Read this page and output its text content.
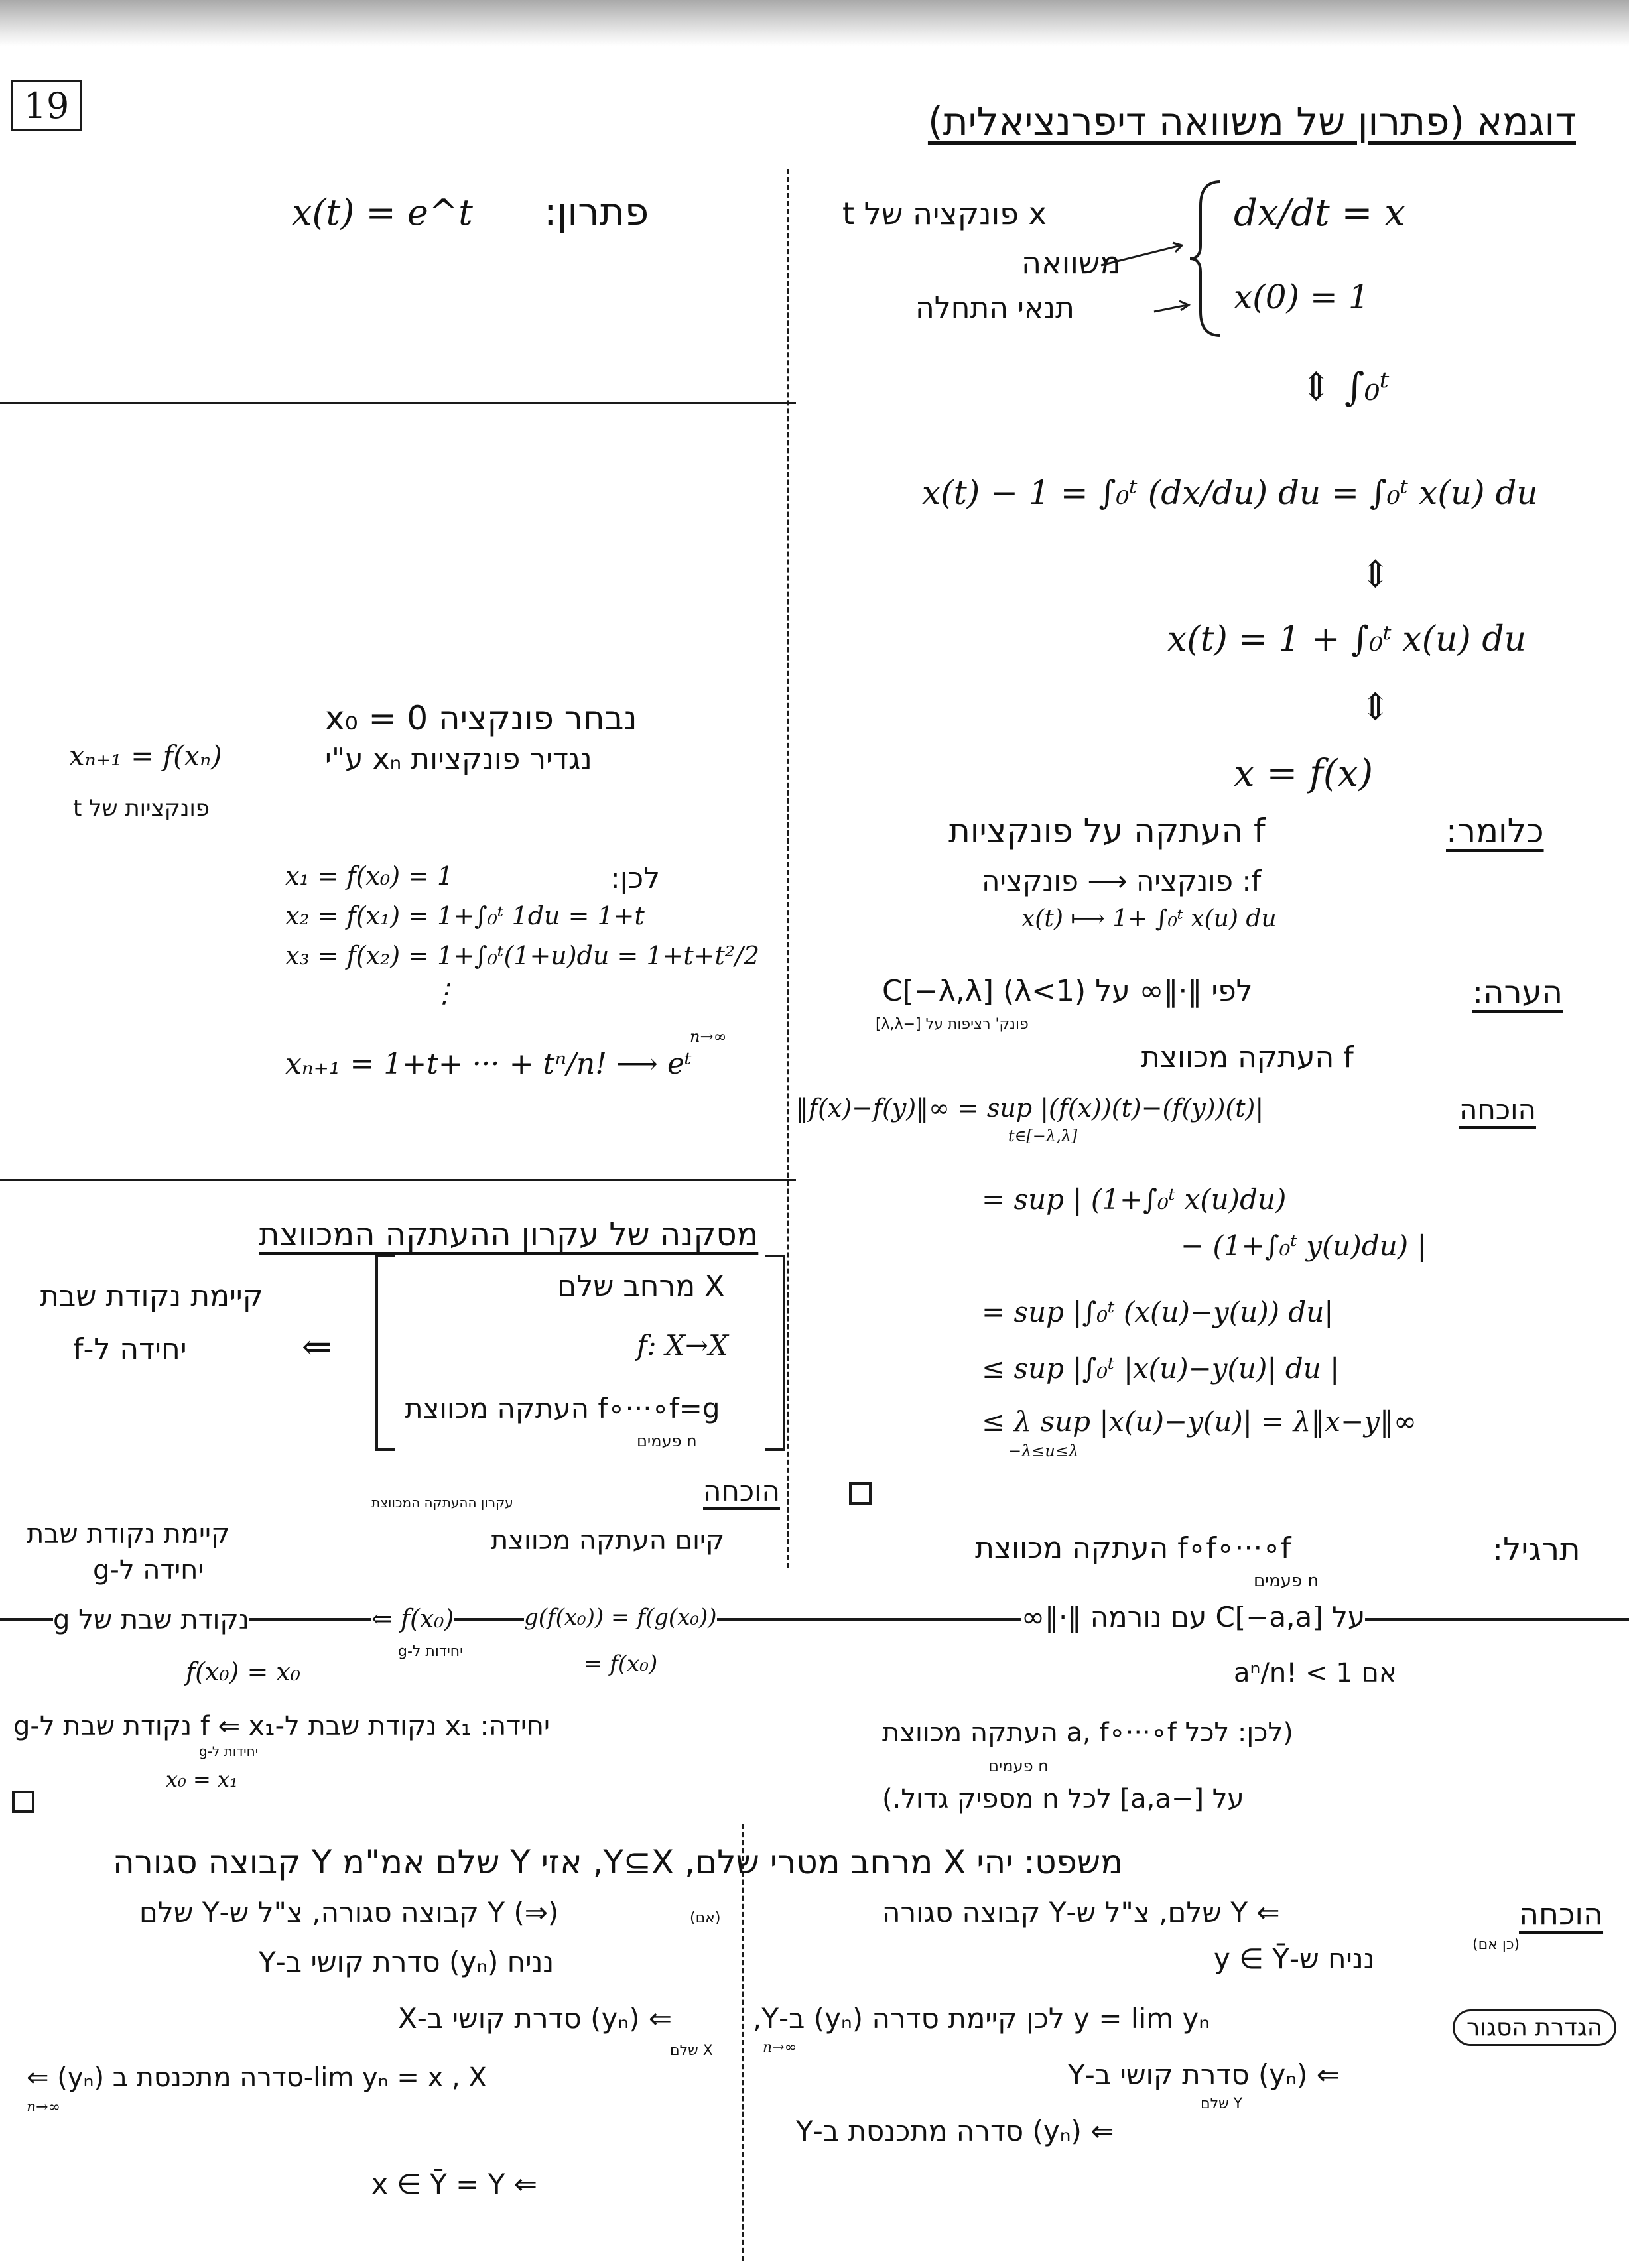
19	דוגמא (פתרון של משוואה דיפרנציאלית)
x(t) = e^t פתרון:	dx/dt = x
x(0) = 1
x פונקציה של t
משוואה
תנאי התחלה
⇕ ∫₀ᵗ
x(t) − 1 = ∫₀ᵗ (dx/du) du = ∫₀ᵗ x(u) du
⇕
x(t) = 1 + ∫₀ᵗ x(u) du
⇕
x = f(x)
נבחר פונקציה x₀ = 0
נגדיר פונקציות xₙ ע"י
xₙ₊₁ = f(xₙ)
פונקציות של t
לכן:
x₁ = f(x₀) = 1
x₂ = f(x₁) = 1+∫₀ᵗ 1du = 1+t
x₃ = f(x₂) = 1+∫₀ᵗ(1+u)du = 1+t+t²/2
⋮
xₙ₊₁ = 1+t+ ··· + tⁿ/n! ⟶ eᵗ
n→∞
כלומר:
f העתקה על פונקציות
f: פונקציה ⟶ פונקציה
x(t) ⟼ 1+ ∫₀ᵗ x(u) du
הערה:
לפי ‖·‖∞ על C[−λ,λ] (λ<1)
פונק' רציפות על [−λ,λ]
f העתקה מכווצת
הוכחה
‖f(x)−f(y)‖∞ = sup |(f(x))(t)−(f(y))(t)|
t∈[−λ,λ]
= sup | (1+∫₀ᵗ x(u)du)
− (1+∫₀ᵗ y(u)du) |
= sup |∫₀ᵗ (x(u)−y(u)) du|
≤ sup |∫₀ᵗ |x(u)−y(u)| du |
≤ λ sup |x(u)−y(u)| = λ‖x−y‖∞
−λ≤u≤λ
תרגיל:
f∘f∘···∘f העתקה מכווצת
n פעמים
על C[−a,a] עם נורמה ‖·‖∞
אם aⁿ/n! < 1
(לכן: לכל a, f∘···∘f העתקה מכווצת
n פעמים
על [−a,a] לכל n מספיק גדול.)
מסקנה של עקרון ההעתקה המכווצת
X מרחב שלם
f: X→X
f∘···∘f=g העתקה מכווצת
n פעמים
⇐
קיימת נקודת שבת
יחידה ל-f
הוכחה
קיום העתקה מכווצת
עקרון ההעתקה המכווצת
קיימת נקודת שבת
יחידה ל-g
g(f(x₀)) = f(g(x₀))
⇐ f(x₀)
נקודת שבת של g
= f(x₀)
יחידות ל-g
f(x₀) = x₀
יחידה: x₁ נקודת שבת ל-f ⇐ x₁ נקודת שבת ל-g
x₀ = x₁
יחידות ל-g
משפט: יהי X מרחב מטרי שלם, Y⊆X, אזי Y שלם אמ"מ Y קבוצה סגורה
הוכחה
(כן אם)
⇐ Y שלם, צ"ל ש-Y קבוצה סגורה
נניח ש-y ∈ Ȳ
הגדרת הסגור
y = lim yₙ לכן קיימת סדרה (yₙ) ב-Y,
n→∞
⇐ (yₙ) סדרת קושי ב-Y
⇐ (yₙ) סדרה מתכנסת ב-Y
Y שלם
(⇒) Y קבוצה סגורה, צ"ל ש-Y שלם	(אם)
נניח (yₙ) סדרת קושי ב-Y
⇐ (yₙ) סדרת קושי ב-X
lim yₙ = x , X-סדרה מתכנסת ב (yₙ) ⇐
n→∞
X שלם
⇐ x ∈ Ȳ = Y
